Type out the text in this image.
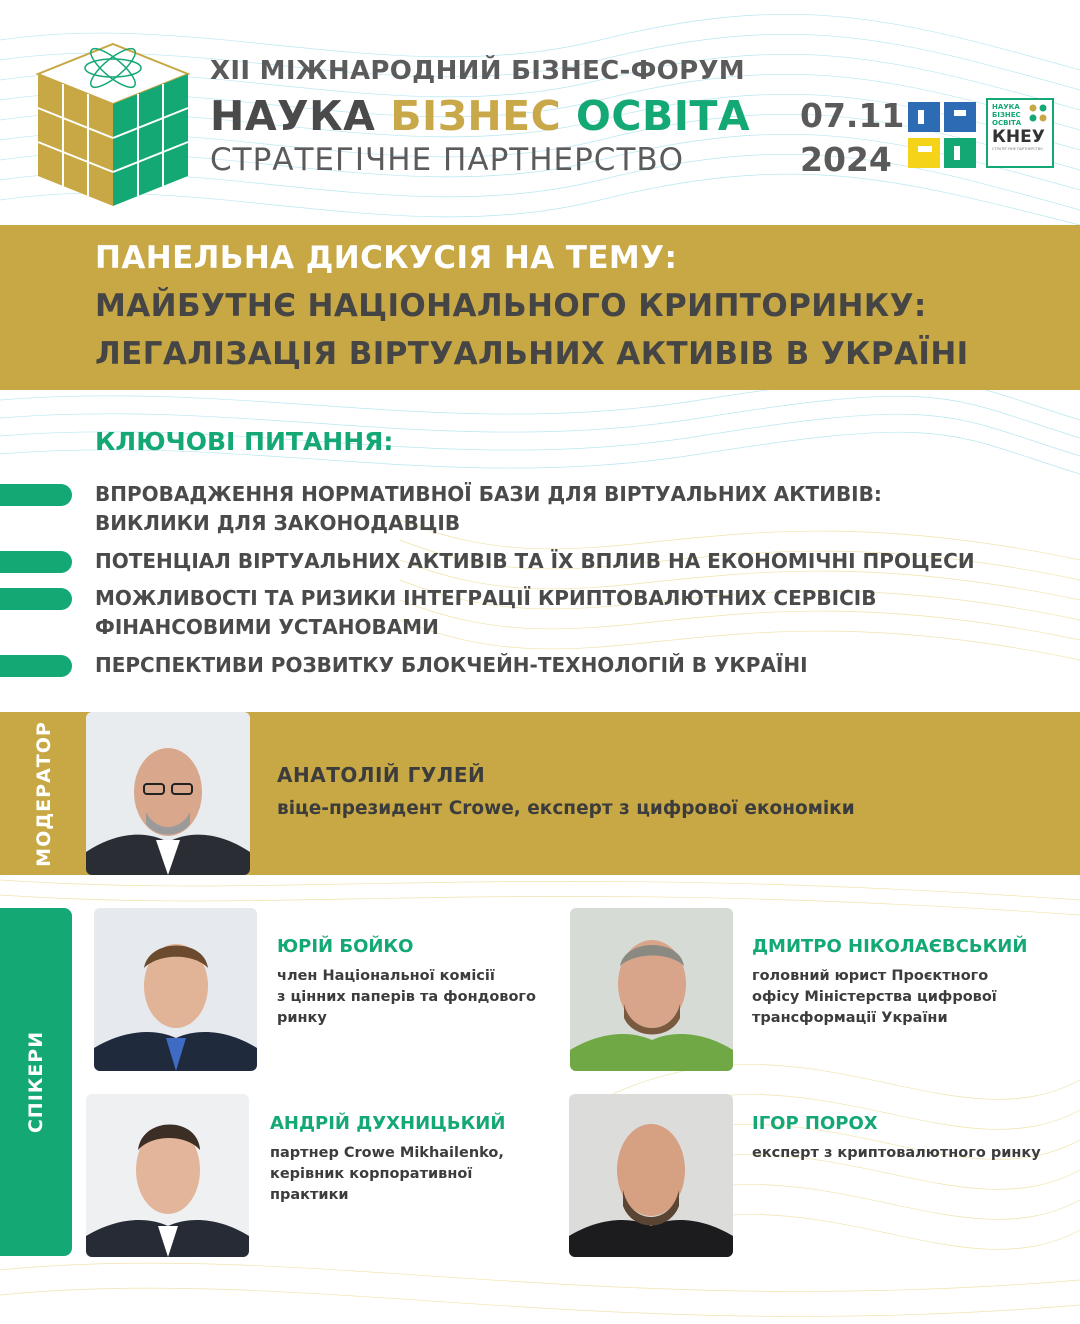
XII МІЖНАРОДНИЙ БІЗНЕС-ФОРУМ
НАУКА БІЗНЕС ОСВІТА
СТРАТЕГІЧНЕ ПАРТНЕРСТВО
07.11
2024
НАУКА
БІЗНЕС
ОСВІТА
КНЕУ
СТРАТЕГІЧНЕ ПАРТНЕРСТВО
ПАНЕЛЬНА ДИСКУСІЯ НА ТЕМУ:
МАЙБУТНЄ НАЦІОНАЛЬНОГО КРИПТОРИНКУ:
ЛЕГАЛІЗАЦІЯ ВІРТУАЛЬНИХ АКТИВІВ В УКРАЇНІ
КЛЮЧОВІ ПИТАННЯ:
ВПРОВАДЖЕННЯ НОРМАТИВНОЇ БАЗИ ДЛЯ ВІРТУАЛЬНИХ АКТИВІВ:
ВИКЛИКИ ДЛЯ ЗАКОНОДАВЦІВ
ПОТЕНЦІАЛ ВІРТУАЛЬНИХ АКТИВІВ ТА ЇХ ВПЛИВ НА ЕКОНОМІЧНІ ПРОЦЕСИ
МОЖЛИВОСТІ ТА РИЗИКИ ІНТЕГРАЦІЇ КРИПТОВАЛЮТНИХ СЕРВІСІВ
ФІНАНСОВИМИ УСТАНОВАМИ
ПЕРСПЕКТИВИ РОЗВИТКУ БЛОКЧЕЙН-ТЕХНОЛОГІЙ В УКРАЇНІ
МОДЕРАТОР	АНАТОЛІЙ ГУЛЕЙ
віце-президент Crowe, експерт з цифрової економіки
СПІКЕРИ
ЮРІЙ БОЙКО
член Національної комісії
з цінних паперів та фондового
ринку
ДМИТРО НІКОЛАЄВСЬКИЙ
головний юрист Проєктного
офісу Міністерства цифрової
трансформації України
АНДРІЙ ДУХНИЦЬКИЙ
партнер Crowe Mikhailenko,
керівник корпоративної
практики
ІГОР ПОРОХ
експерт з криптовалютного ринку
